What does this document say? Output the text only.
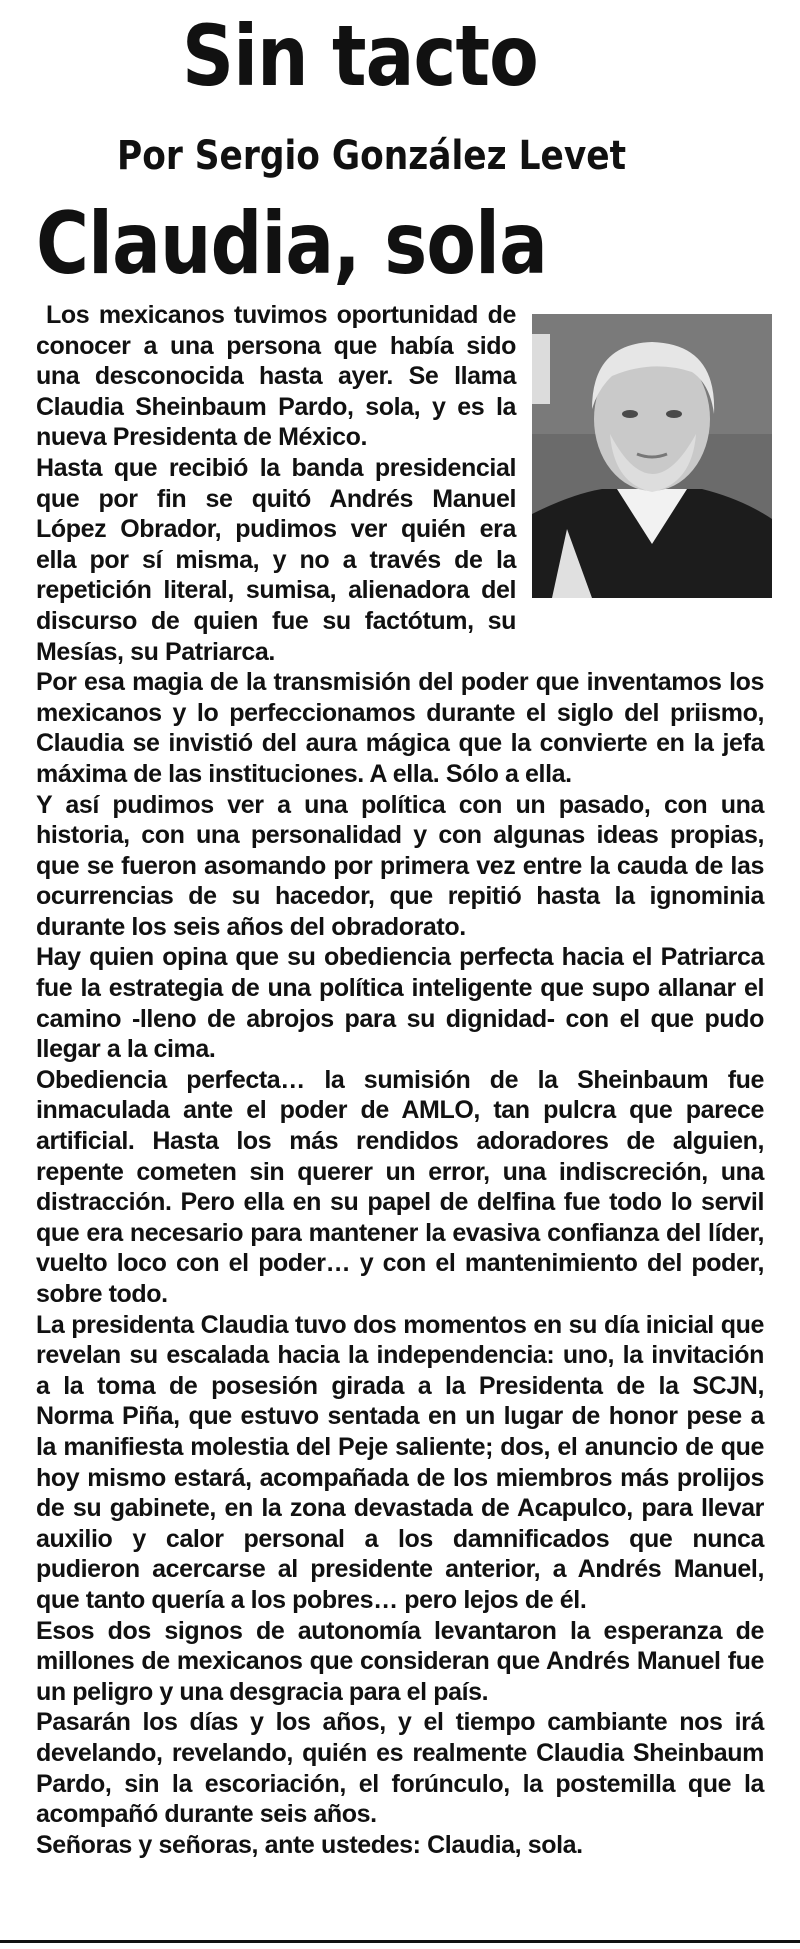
Sin tacto
Por Sergio González Levet
Claudia, sola

Los mexicanos tuvimos oportunidad de conocer a una persona que había sido una desconocida hasta ayer. Se llama Claudia Sheinbaum Pardo, sola, y es la nueva Presidenta de México.

Hasta que recibió la banda presidencial que por fin se quitó Andrés Manuel López Obrador, pudimos ver quién era ella por sí misma, y no a través de la repetición literal, sumisa, alienadora del discurso de quien fue su factótum, su Mesías, su Patriarca.

Por esa magia de la transmisión del poder que inventamos los mexicanos y lo perfeccionamos durante el siglo del priismo, Claudia se invistió del aura mágica que la convierte en la jefa máxima de las instituciones. A ella. Sólo a ella.

Y así pudimos ver a una política con un pasado, con una historia, con una personalidad y con algunas ideas propias, que se fueron asomando por primera vez entre la cauda de las ocurrencias de su hacedor, que repitió hasta la ignominia durante los seis años del obradorato.

Hay quien opina que su obediencia perfecta hacia el Patriarca fue la estrategia de una política inteligente que supo allanar el camino -lleno de abrojos para su dignidad- con el que pudo llegar a la cima.

Obediencia perfecta… la sumisión de la Sheinbaum fue inmaculada ante el poder de AMLO, tan pulcra que parece artificial. Hasta los más rendidos adoradores de alguien, repente cometen sin querer un error, una indiscreción, una distracción. Pero ella en su papel de delfina fue todo lo servil que era necesario para mantener la evasiva confianza del líder, vuelto loco con el poder… y con el mantenimiento del poder, sobre todo.

La presidenta Claudia tuvo dos momentos en su día inicial que revelan su escalada hacia la independencia: uno, la invitación a la toma de posesión girada a la Presidenta de la SCJN, Norma Piña, que estuvo sentada en un lugar de honor pese a la manifiesta molestia del Peje saliente; dos, el anuncio de que hoy mismo estará, acompañada de los miembros más prolijos de su gabinete, en la zona devastada de Acapulco, para llevar auxilio y calor personal a los damnificados que nunca pudieron acercarse al presidente anterior, a Andrés Manuel, que tanto quería a los pobres… pero lejos de él.

Esos dos signos de autonomía levantaron la esperanza de millones de mexicanos que consideran que Andrés Manuel fue un peligro y una desgracia para el país.

Pasarán los días y los años, y el tiempo cambiante nos irá develando, revelando, quién es realmente Claudia Sheinbaum Pardo, sin la escoriación, el forúnculo, la postemilla que la acompañó durante seis años.

Señoras y señoras, ante ustedes: Claudia, sola.
